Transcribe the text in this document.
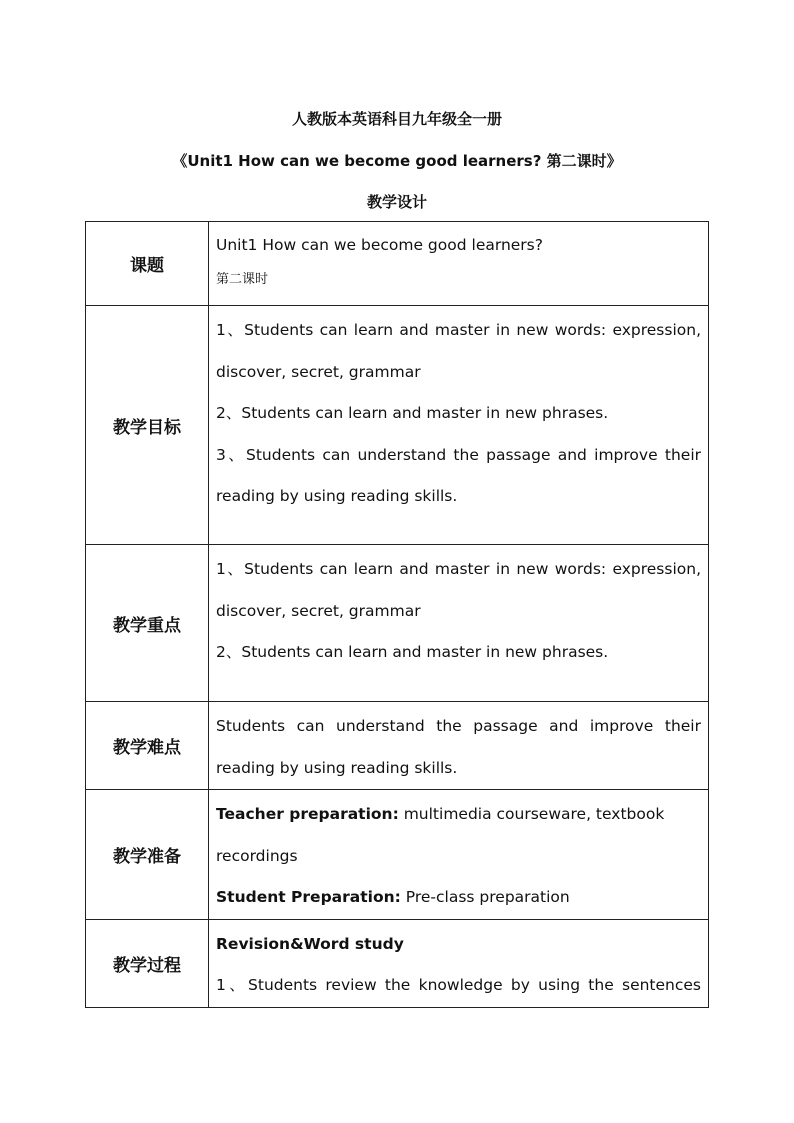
人教版本英语科目九年级全一册
《Unit1 How can we become good learners? 第二课时》
教学设计
课题	Unit1 How can we become good learners?
第二课时

教学目标	1、Students can learn and master in new words: expression,
discover, secret, grammar
2、Students can learn and master in new phrases.
3、Students can understand the passage and improve their
reading by using reading skills.

教学重点	1、Students can learn and master in new words: expression,
discover, secret, grammar
2、Students can learn and master in new phrases.

教学难点	Students can understand the passage and improve their
reading by using reading skills.

教学准备	Teacher preparation: multimedia courseware, textbook
recordings
Student Preparation: Pre-class preparation

教学过程	Revision&Word study
1、Students review the knowledge by using the sentences
